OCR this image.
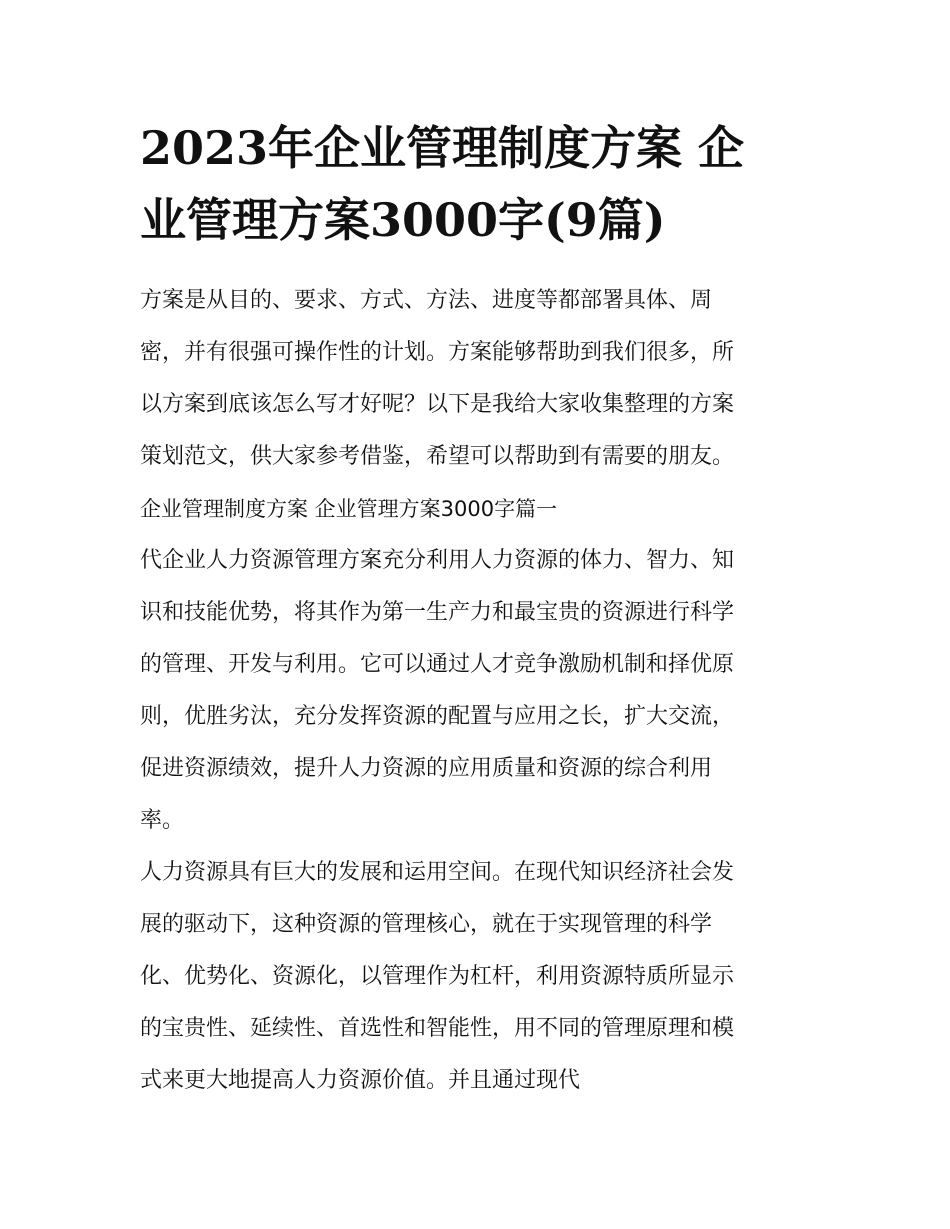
2023年企业管理制度方案 企
业管理方案3000字(9篇)

方案是从目的、要求、方式、方法、进度等都部署具体、周
密，并有很强可操作性的计划。方案能够帮助到我们很多，所
以方案到底该怎么写才好呢？以下是我给大家收集整理的方案
策划范文，供大家参考借鉴，希望可以帮助到有需要的朋友。

企业管理制度方案 企业管理方案3000字篇一

代企业人力资源管理方案充分利用人力资源的体力、智力、知
识和技能优势，将其作为第一生产力和最宝贵的资源进行科学
的管理、开发与利用。它可以通过人才竞争激励机制和择优原
则，优胜劣汰，充分发挥资源的配置与应用之长，扩大交流，
促进资源绩效，提升人力资源的应用质量和资源的综合利用
率。

人力资源具有巨大的发展和运用空间。在现代知识经济社会发
展的驱动下，这种资源的管理核心，就在于实现管理的科学
化、优势化、资源化，以管理作为杠杆，利用资源特质所显示
的宝贵性、延续性、首选性和智能性，用不同的管理原理和模
式来更大地提高人力资源价值。并且通过现代
